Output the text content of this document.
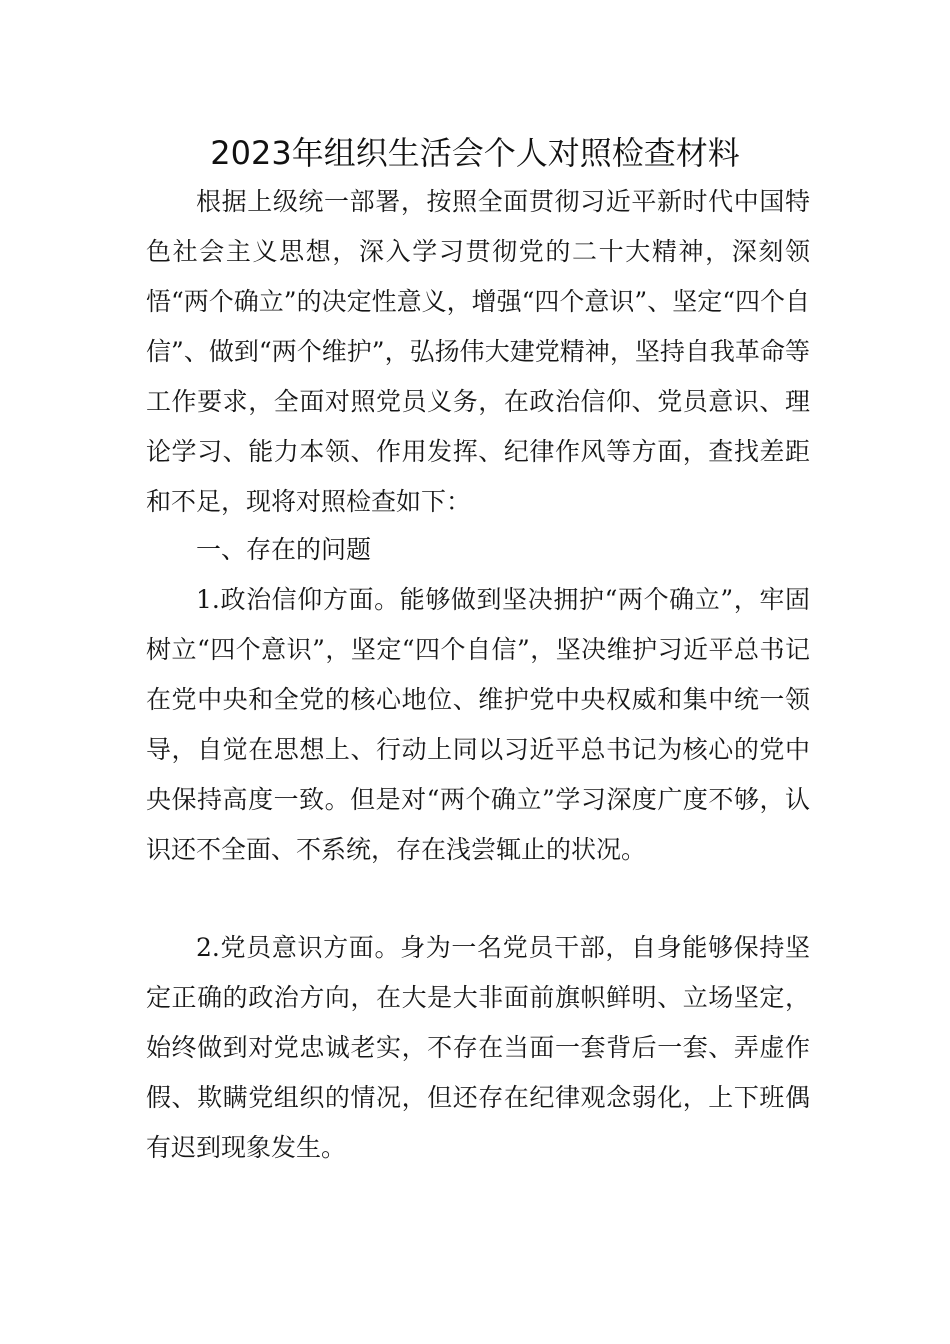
2023年组织生活会个人对照检查材料

根据上级统一部署，按照全面贯彻习近平新时代中国特色社会主义思想，深入学习贯彻党的二十大精神，深刻领悟“两个确立”的决定性意义，增强“四个意识”、坚定“四个自信”、做到“两个维护”，弘扬伟大建党精神，坚持自我革命等工作要求，全面对照党员义务，在政治信仰、党员意识、理论学习、能力本领、作用发挥、纪律作风等方面，查找差距和不足，现将对照检查如下：

一、存在的问题

1.政治信仰方面。能够做到坚决拥护“两个确立”，牢固树立“四个意识”，坚定“四个自信”，坚决维护习近平总书记在党中央和全党的核心地位、维护党中央权威和集中统一领导，自觉在思想上、行动上同以习近平总书记为核心的党中央保持高度一致。但是对“两个确立”学习深度广度不够，认识还不全面、不系统，存在浅尝辄止的状况。

2.党员意识方面。身为一名党员干部，自身能够保持坚定正确的政治方向，在大是大非面前旗帜鲜明、立场坚定，始终做到对党忠诚老实，不存在当面一套背后一套、弄虚作假、欺瞒党组织的情况，但还存在纪律观念弱化，上下班偶有迟到现象发生。
